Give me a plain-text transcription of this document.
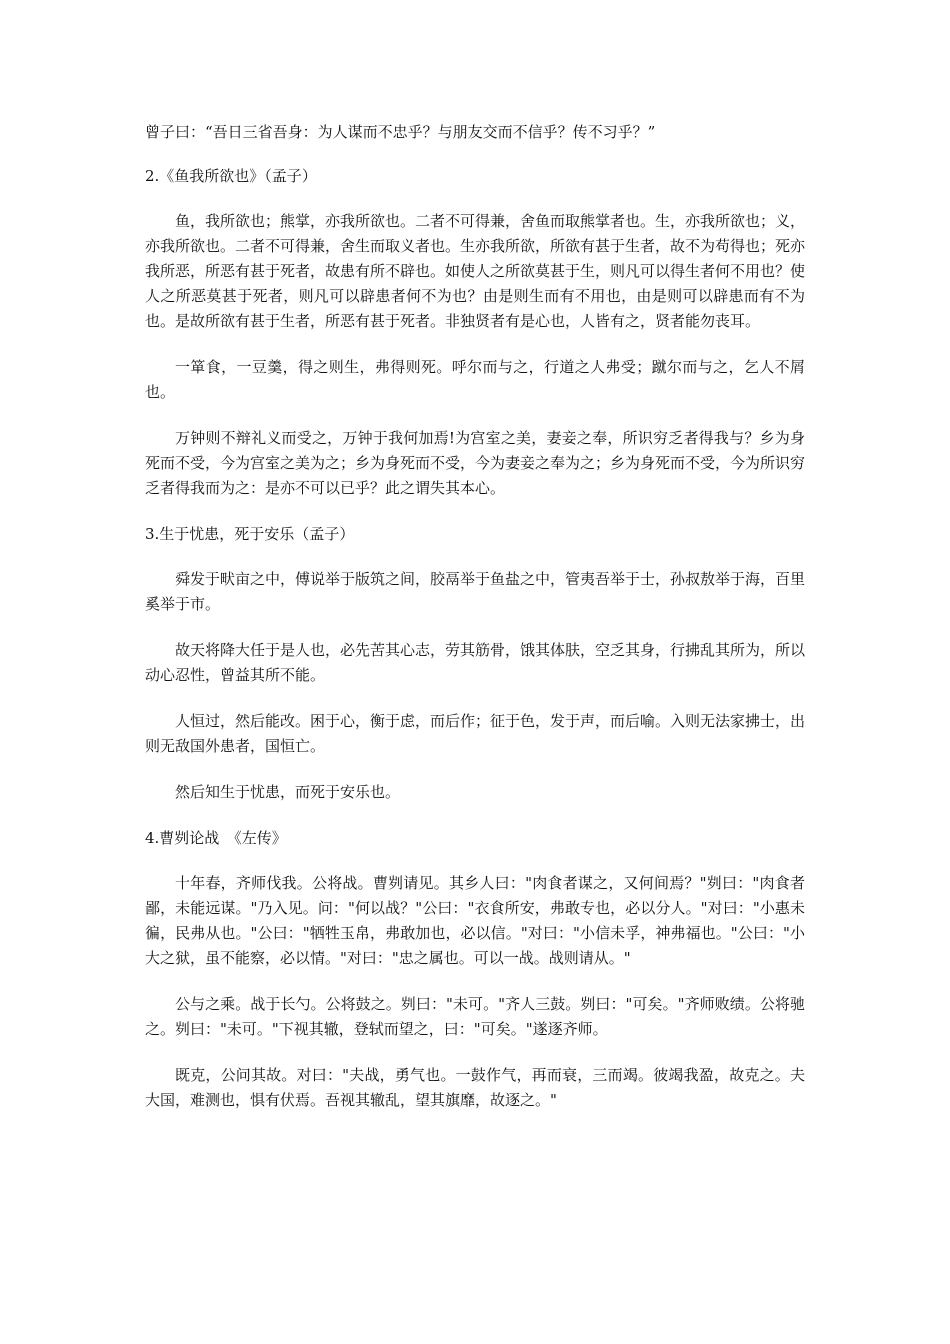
曾子曰：“吾日三省吾身：为人谋而不忠乎？与朋友交而不信乎？传不习乎？”
2.《鱼我所欲也》（孟子）
鱼，我所欲也；熊掌，亦我所欲也。二者不可得兼，舍鱼而取熊掌者也。生，亦我所欲也；义，亦我所欲也。二者不可得兼，舍生而取义者也。生亦我所欲，所欲有甚于生者，故不为苟得也；死亦我所恶，所恶有甚于死者，故患有所不辟也。如使人之所欲莫甚于生，则凡可以得生者何不用也？使人之所恶莫甚于死者，则凡可以辟患者何不为也？由是则生而有不用也，由是则可以辟患而有不为也。是故所欲有甚于生者，所恶有甚于死者。非独贤者有是心也，人皆有之，贤者能勿丧耳。
一箪食，一豆羹，得之则生，弗得则死。呼尔而与之，行道之人弗受；蹴尔而与之，乞人不屑也。
万钟则不辩礼义而受之，万钟于我何加焉!为宫室之美，妻妾之奉，所识穷乏者得我与？乡为身死而不受，今为宫室之美为之；乡为身死而不受，今为妻妾之奉为之；乡为身死而不受，今为所识穷乏者得我而为之：是亦不可以已乎？此之谓失其本心。
3.生于忧患，死于安乐（孟子）
舜发于畎亩之中，傅说举于版筑之间，胶鬲举于鱼盐之中，管夷吾举于士，孙叔敖举于海，百里奚举于市。
故天将降大任于是人也，必先苦其心志，劳其筋骨，饿其体肤，空乏其身，行拂乱其所为，所以动心忍性，曾益其所不能。
人恒过，然后能改。困于心，衡于虑，而后作；征于色，发于声，而后喻。入则无法家拂士，出则无敌国外患者，国恒亡。
然后知生于忧患，而死于安乐也。
4.曹刿论战　《左传》
十年春，齐师伐我。公将战。曹刿请见。其乡人曰："肉食者谋之，又何间焉？"刿曰："肉食者鄙，未能远谋。"乃入见。问："何以战？"公曰："衣食所安，弗敢专也，必以分人。"对曰："小惠未徧，民弗从也。"公曰："牺牲玉帛，弗敢加也，必以信。"对曰："小信未孚，神弗福也。"公曰："小大之狱，虽不能察，必以情。"对曰："忠之属也。可以一战。战则请从。"
公与之乘。战于长勺。公将鼓之。刿曰："未可。"齐人三鼓。刿曰："可矣。"齐师败绩。公将驰之。刿曰："未可。"下视其辙，登轼而望之，曰："可矣。"遂逐齐师。
既克，公问其故。对曰："夫战，勇气也。一鼓作气，再而衰，三而竭。彼竭我盈，故克之。夫大国，难测也，惧有伏焉。吾视其辙乱，望其旗靡，故逐之。"
